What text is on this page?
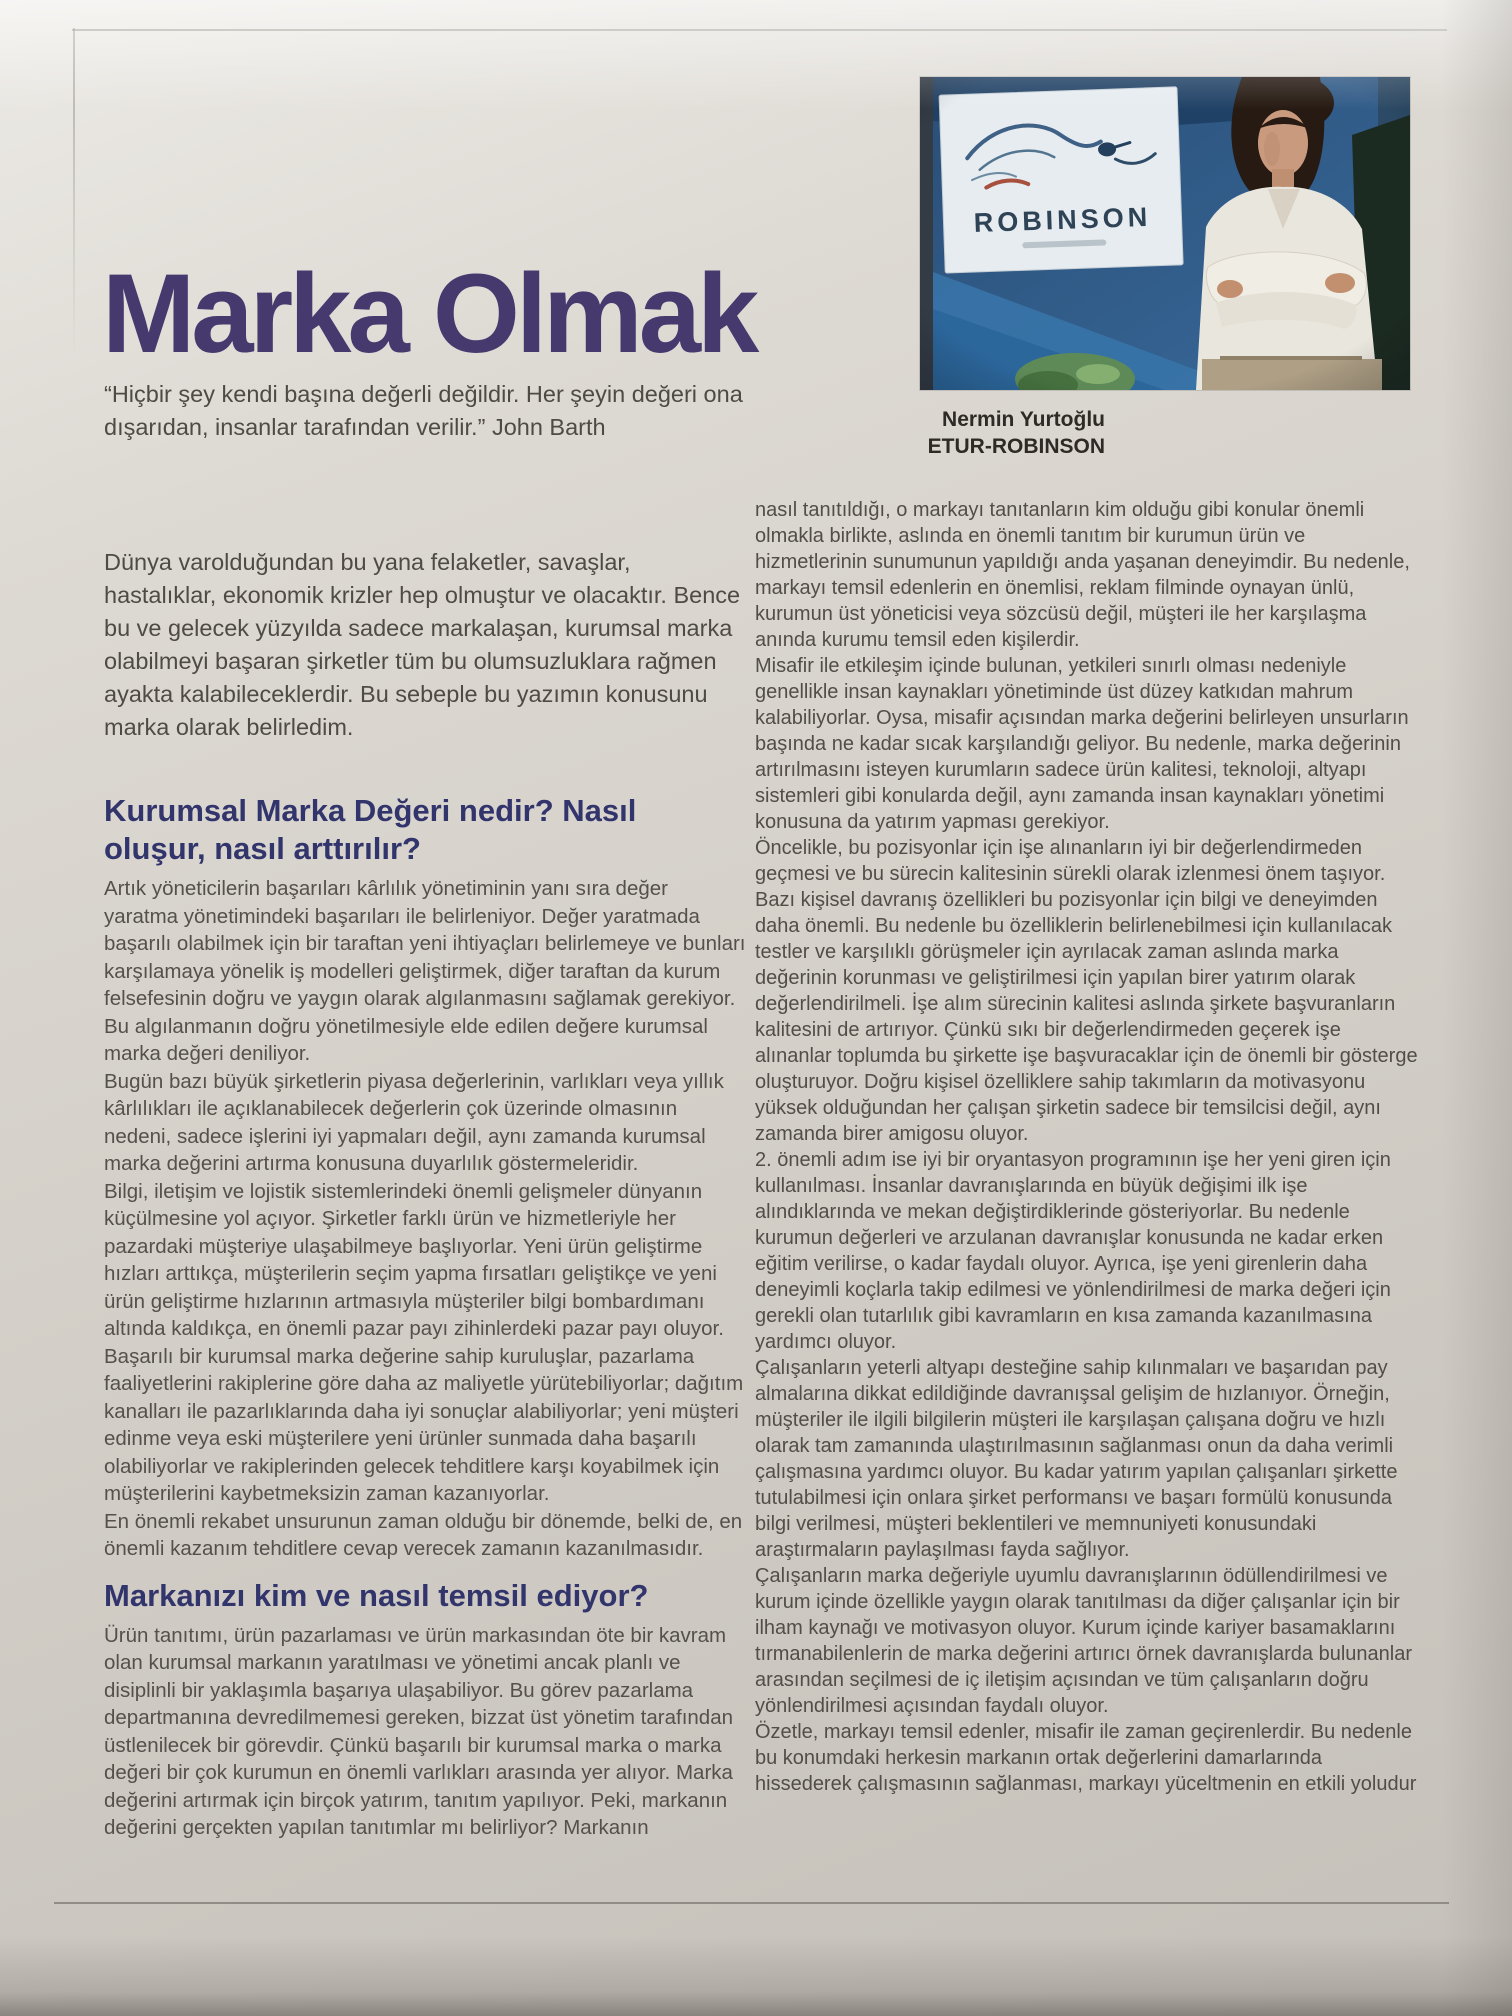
Marka Olmak
Nermin Yurtoğlu
ETUR-ROBINSON

“Hiçbir şey kendi başına değerli değildir. Her şeyin değeri ona dışarıdan, insanlar tarafından verilir.” John Barth

Dünya varolduğundan bu yana felaketler, savaşlar, hastalıklar, ekonomik krizler hep olmuştur ve olacaktır. Bence bu ve gelecek yüzyılda sadece markalaşan, kurumsal marka olabilmeyi başaran şirketler tüm bu olumsuzluklara rağmen ayakta kalabileceklerdir. Bu sebeple bu yazımın konusunu marka olarak belirledim.

Kurumsal Marka Değeri nedir? Nasıl oluşur, nasıl arttırılır?

Artık yöneticilerin başarıları kârlılık yönetiminin yanı sıra değer yaratma yönetimindeki başarıları ile belirleniyor. Değer yaratmada başarılı olabilmek için bir taraftan yeni ihtiyaçları belirlemeye ve bunları karşılamaya yönelik iş modelleri geliştirmek, diğer taraftan da kurum felsefesinin doğru ve yaygın olarak algılanmasını sağlamak gerekiyor. Bu algılanmanın doğru yönetilmesiyle elde edilen değere kurumsal marka değeri deniliyor.

Bugün bazı büyük şirketlerin piyasa değerlerinin, varlıkları veya yıllık kârlılıkları ile açıklanabilecek değerlerin çok üzerinde olmasının nedeni, sadece işlerini iyi yapmaları değil, aynı zamanda kurumsal marka değerini artırma konusuna duyarlılık göstermeleridir.

Bilgi, iletişim ve lojistik sistemlerindeki önemli gelişmeler dünyanın küçülmesine yol açıyor. Şirketler farklı ürün ve hizmetleriyle her pazardaki müşteriye ulaşabilmeye başlıyorlar. Yeni ürün geliştirme hızları arttıkça, müşterilerin seçim yapma fırsatları geliştikçe ve yeni ürün geliştirme hızlarının artmasıyla müşteriler bilgi bombardımanı altında kaldıkça, en önemli pazar payı zihinlerdeki pazar payı oluyor.

Başarılı bir kurumsal marka değerine sahip kuruluşlar, pazarlama faaliyetlerini rakiplerine göre daha az maliyetle yürütebiliyorlar; dağıtım kanalları ile pazarlıklarında daha iyi sonuçlar alabiliyorlar; yeni müşteri edinme veya eski müşterilere yeni ürünler sunmada daha başarılı olabiliyorlar ve rakiplerinden gelecek tehditlere karşı koyabilmek için müşterilerini kaybetmeksizin zaman kazanıyorlar.

En önemli rekabet unsurunun zaman olduğu bir dönemde, belki de, en önemli kazanım tehditlere cevap verecek zamanın kazanılmasıdır.

Markanızı kim ve nasıl temsil ediyor?

Ürün tanıtımı, ürün pazarlaması ve ürün markasından öte bir kavram olan kurumsal markanın yaratılması ve yönetimi ancak planlı ve disiplinli bir yaklaşımla başarıya ulaşabiliyor. Bu görev pazarlama departmanına devredilmemesi gereken, bizzat üst yönetim tarafından üstlenilecek bir görevdir. Çünkü başarılı bir kurumsal marka o marka değeri bir çok kurumun en önemli varlıkları arasında yer alıyor. Marka değerini artırmak için birçok yatırım, tanıtım yapılıyor. Peki, markanın değerini gerçekten yapılan tanıtımlar mı belirliyor? Markanın

nasıl tanıtıldığı, o markayı tanıtanların kim olduğu gibi konular önemli olmakla birlikte, aslında en önemli tanıtım bir kurumun ürün ve hizmetlerinin sunumunun yapıldığı anda yaşanan deneyimdir. Bu nedenle, markayı temsil edenlerin en önemlisi, reklam filminde oynayan ünlü, kurumun üst yöneticisi veya sözcüsü değil, müşteri ile her karşılaşma anında kurumu temsil eden kişilerdir.

Misafir ile etkileşim içinde bulunan, yetkileri sınırlı olması nedeniyle genellikle insan kaynakları yönetiminde üst düzey katkıdan mahrum kalabiliyorlar. Oysa, misafir açısından marka değerini belirleyen unsurların başında ne kadar sıcak karşılandığı geliyor. Bu nedenle, marka değerinin artırılmasını isteyen kurumların sadece ürün kalitesi, teknoloji, altyapı sistemleri gibi konularda değil, aynı zamanda insan kaynakları yönetimi konusuna da yatırım yapması gerekiyor.

Öncelikle, bu pozisyonlar için işe alınanların iyi bir değerlendirmeden geçmesi ve bu sürecin kalitesinin sürekli olarak izlenmesi önem taşıyor. Bazı kişisel davranış özellikleri bu pozisyonlar için bilgi ve deneyimden daha önemli. Bu nedenle bu özelliklerin belirlenebilmesi için kullanılacak testler ve karşılıklı görüşmeler için ayrılacak zaman aslında marka değerinin korunması ve geliştirilmesi için yapılan birer yatırım olarak değerlendirilmeli. İşe alım sürecinin kalitesi aslında şirkete başvuranların kalitesini de artırıyor. Çünkü sıkı bir değerlendirmeden geçerek işe alınanlar toplumda bu şirkette işe başvuracaklar için de önemli bir gösterge oluşturuyor. Doğru kişisel özelliklere sahip takımların da motivasyonu yüksek olduğundan her çalışan şirketin sadece bir temsilcisi değil, aynı zamanda birer amigosu oluyor.

2. önemli adım ise iyi bir oryantasyon programının işe her yeni giren için kullanılması. İnsanlar davranışlarında en büyük değişimi ilk işe alındıklarında ve mekan değiştirdiklerinde gösteriyorlar. Bu nedenle kurumun değerleri ve arzulanan davranışlar konusunda ne kadar erken eğitim verilirse, o kadar faydalı oluyor. Ayrıca, işe yeni girenlerin daha deneyimli koçlarla takip edilmesi ve yönlendirilmesi de marka değeri için gerekli olan tutarlılık gibi kavramların en kısa zamanda kazanılmasına yardımcı oluyor.

Çalışanların yeterli altyapı desteğine sahip kılınmaları ve başarıdan pay almalarına dikkat edildiğinde davranışsal gelişim de hızlanıyor. Örneğin, müşteriler ile ilgili bilgilerin müşteri ile karşılaşan çalışana doğru ve hızlı olarak tam zamanında ulaştırılmasının sağlanması onun da daha verimli çalışmasına yardımcı oluyor. Bu kadar yatırım yapılan çalışanları şirkette tutulabilmesi için onlara şirket performansı ve başarı formülü konusunda bilgi verilmesi, müşteri beklentileri ve memnuniyeti konusundaki araştırmaların paylaşılması fayda sağlıyor.

Çalışanların marka değeriyle uyumlu davranışlarının ödüllendirilmesi ve kurum içinde özellikle yaygın olarak tanıtılması da diğer çalışanlar için bir ilham kaynağı ve motivasyon oluyor. Kurum içinde kariyer basamaklarını tırmanabilenlerin de marka değerini artırıcı örnek davranışlarda bulunanlar arasından seçilmesi de iç iletişim açısından ve tüm çalışanların doğru yönlendirilmesi açısından faydalı oluyor.

Özetle, markayı temsil edenler, misafir ile zaman geçirenlerdir. Bu nedenle bu konumdaki herkesin markanın ortak değerlerini damarlarında hissederek çalışmasının sağlanması, markayı yüceltmenin en etkili yoludur
